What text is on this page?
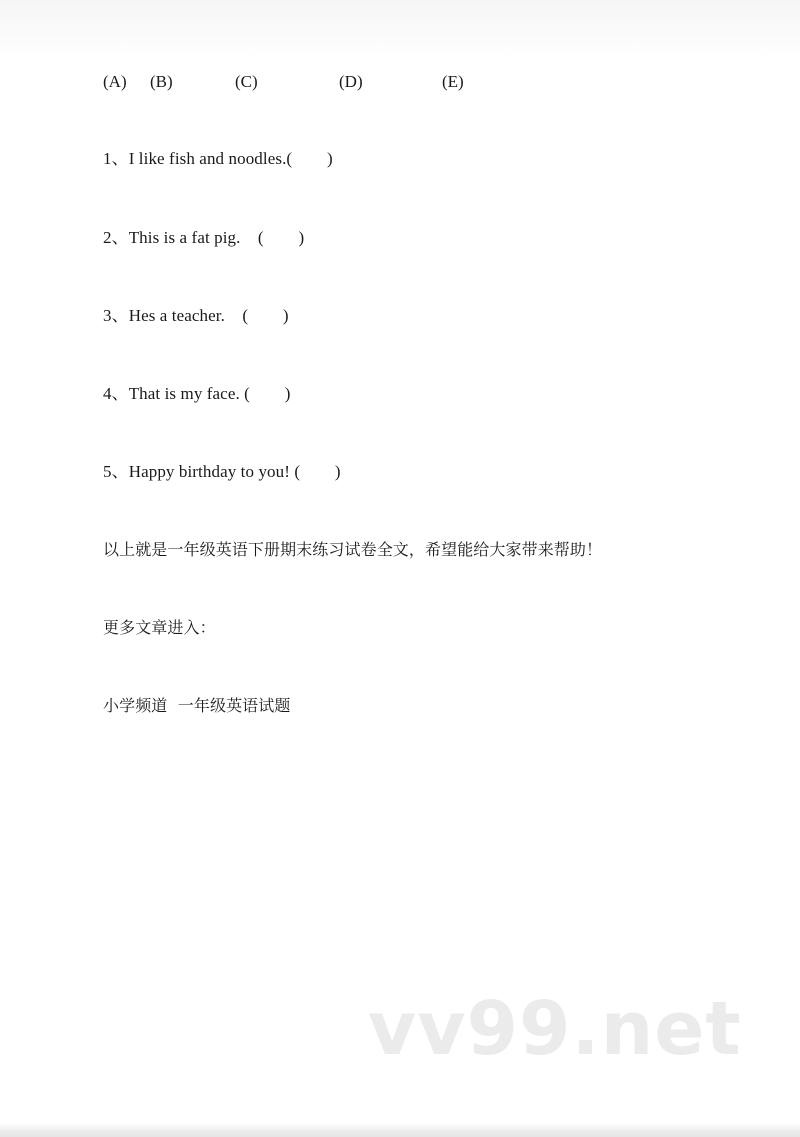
(A) (B)	(C)	(D)	(E)
1、I like fish and noodles.(        )
2、This is a fat pig.    (        )
3、Hes a teacher.    (        )
4、That is my face. (        )
5、Happy birthday to you! (        )
以上就是一年级英语下册期末练习试卷全文，希望能给大家带来帮助！
更多文章进入：
小学频道  一年级英语试题
vv99.net
